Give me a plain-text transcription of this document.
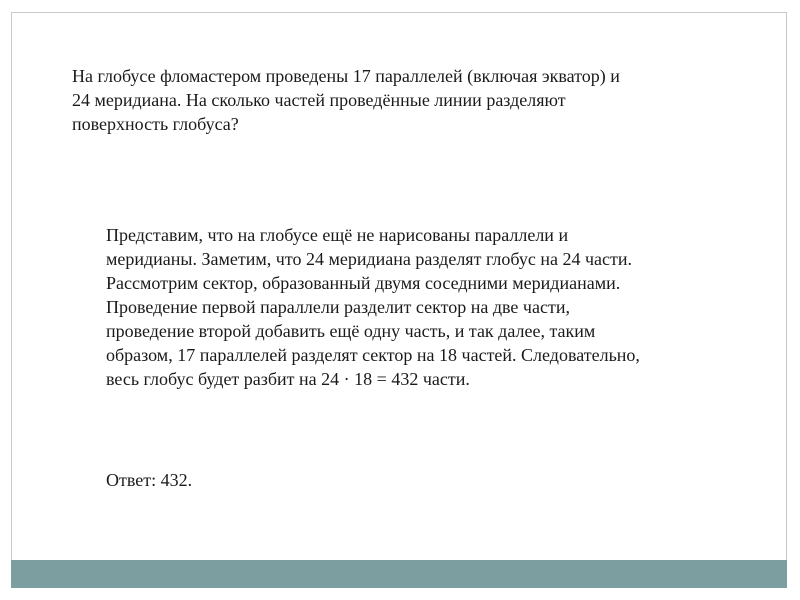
На глобусе фломастером проведены 17 параллелей (включая экватор) и
24 меридиана. На сколько частей проведённые линии разделяют
поверхность глобуса?

Представим, что на глобусе ещё не нарисованы параллели и
меридианы. Заметим, что 24 меридиана разделят глобус на 24 части.
Рассмотрим сектор, образованный двумя соседними меридианами.
Проведение первой параллели разделит сектор на две части,
проведение второй добавить ещё одну часть, и так далее, таким
образом, 17 параллелей разделят сектор на 18 частей. Следовательно,
весь глобус будет разбит на 24 · 18 = 432 части.

Ответ: 432.
